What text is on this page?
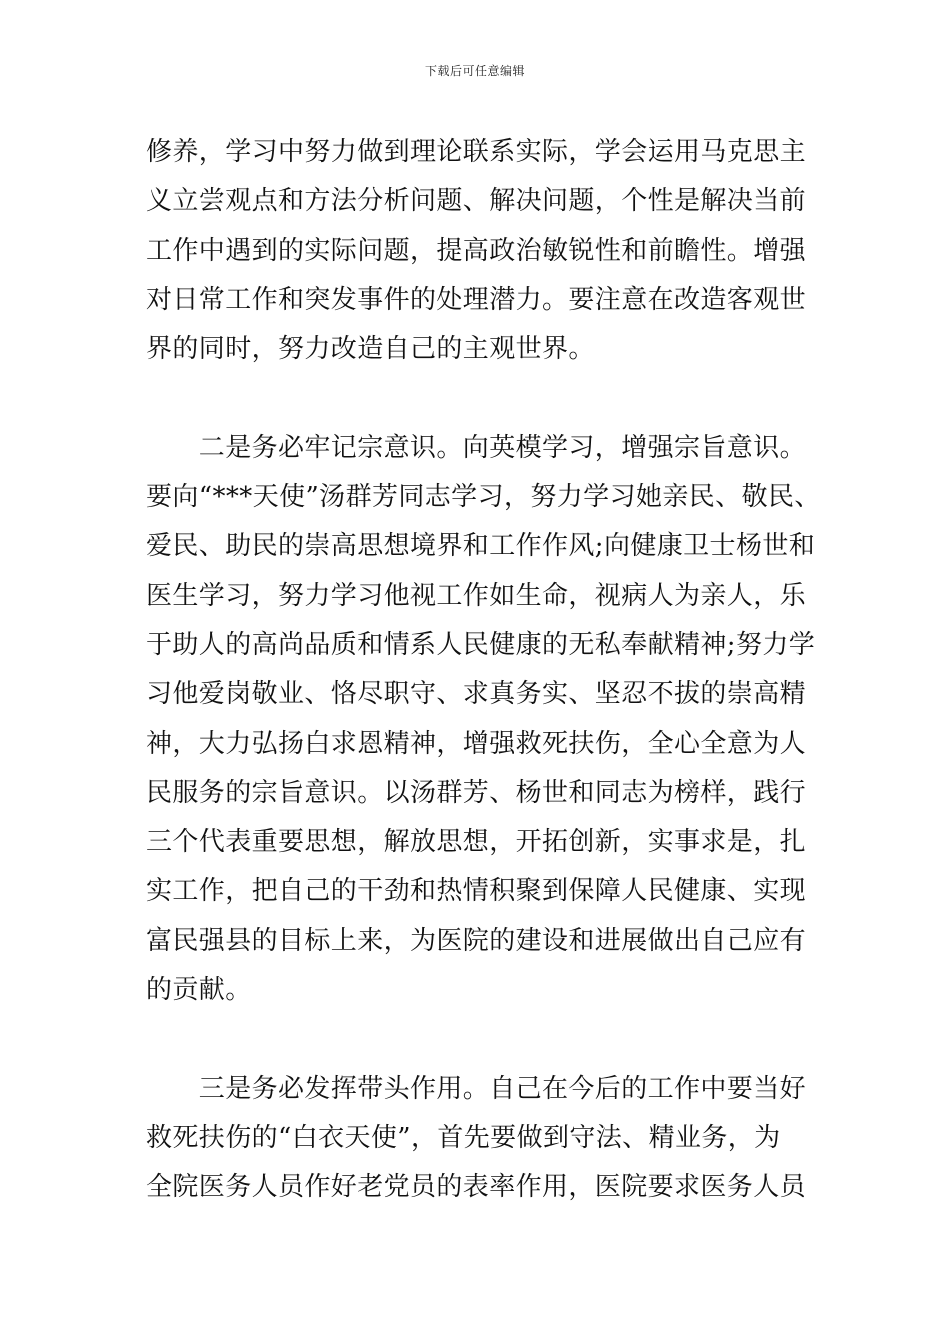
下载后可任意编辑
修养，学习中努力做到理论联系实际，学会运用马克思主
义立尝观点和方法分析问题、解决问题，个性是解决当前
工作中遇到的实际问题，提高政治敏锐性和前瞻性。增强
对日常工作和突发事件的处理潜力。要注意在改造客观世
界的同时，努力改造自己的主观世界。
　　二是务必牢记宗意识。向英模学习，增强宗旨意识。
要向“***天使”汤群芳同志学习，努力学习她亲民、敬民、
爱民、助民的崇高思想境界和工作作风;向健康卫士杨世和
医生学习，努力学习他视工作如生命，视病人为亲人，乐
于助人的高尚品质和情系人民健康的无私奉献精神;努力学
习他爱岗敬业、恪尽职守、求真务实、坚忍不拔的崇高精
神，大力弘扬白求恩精神，增强救死扶伤，全心全意为人
民服务的宗旨意识。以汤群芳、杨世和同志为榜样，践行
三个代表重要思想，解放思想，开拓创新，实事求是，扎
实工作，把自己的干劲和热情积聚到保障人民健康、实现
富民强县的目标上来，为医院的建设和进展做出自己应有
的贡献。
　　三是务必发挥带头作用。自己在今后的工作中要当好
救死扶伤的“白衣天使”，首先要做到守法、精业务，为
全院医务人员作好老党员的表率作用，医院要求医务人员
